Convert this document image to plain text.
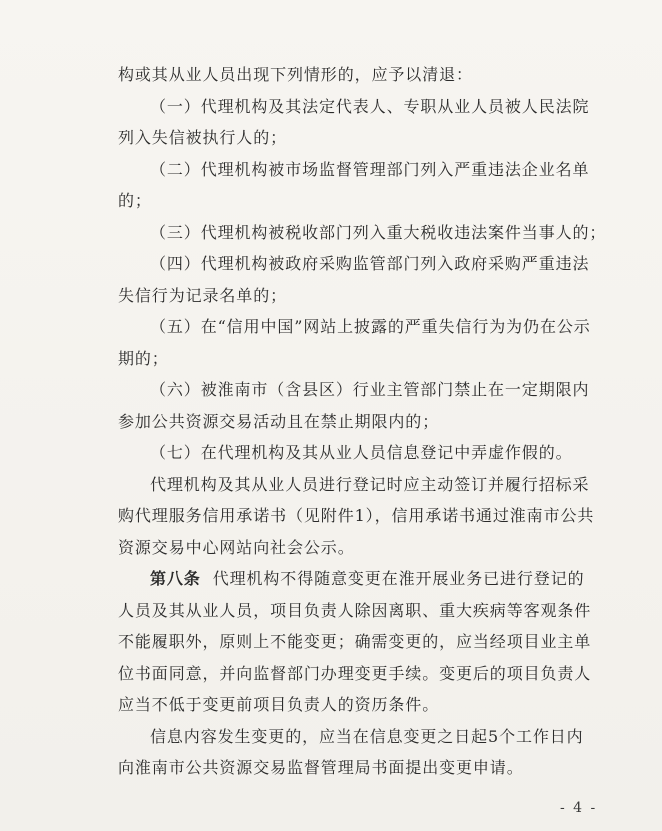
构或其从业人员出现下列情形的，应予以清退：
（一）代理机构及其法定代表人、专职从业人员被人民法院
列入失信被执行人的；
（二）代理机构被市场监督管理部门列入严重违法企业名单
的；
（三）代理机构被税收部门列入重大税收违法案件当事人的；
（四）代理机构被政府采购监管部门列入政府采购严重违法
失信行为记录名单的；
（五）在“信用中国”网站上披露的严重失信行为为仍在公示
期的；
（六）被淮南市（含县区）行业主管部门禁止在一定期限内
参加公共资源交易活动且在禁止期限内的；
（七）在代理机构及其从业人员信息登记中弄虚作假的。
代理机构及其从业人员进行登记时应主动签订并履行招标采
购代理服务信用承诺书（见附件1），信用承诺书通过淮南市公共
资源交易中心网站向社会公示。
第八条 代理机构不得随意变更在淮开展业务已进行登记的
人员及其从业人员，项目负责人除因离职、重大疾病等客观条件
不能履职外，原则上不能变更；确需变更的，应当经项目业主单
位书面同意，并向监督部门办理变更手续。变更后的项目负责人
应当不低于变更前项目负责人的资历条件。
信息内容发生变更的，应当在信息变更之日起5个工作日内
向淮南市公共资源交易监督管理局书面提出变更申请。
- 4 -
